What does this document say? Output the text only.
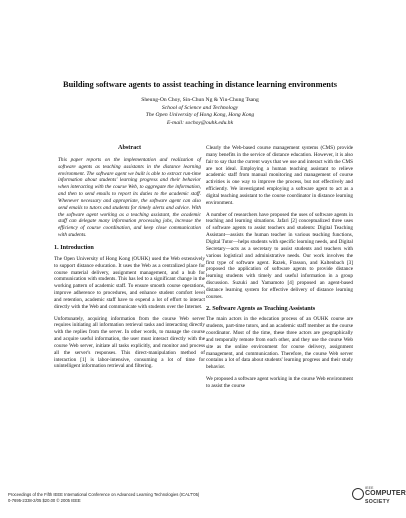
Building software agents to assist teaching in distance learning environments
Sheung-On Choy, Sin-Chun Ng & Yiu-Chung Tsang
School of Science and Technology
The Open University of Hong Kong, Hong Kong
E-mail: sochoy@ouhk.edu.hk
Abstract
This paper reports on the implementation and realization of software agents as teaching assistants in the distance learning environment. The software agent we built is able to extract run-time information about students' learning progress and their behavior when interacting with the course Web, to aggregate the information, and then to send emails to report its duties to the academic staff. Whenever necessary and appropriate, the software agent can also send emails to tutors and students for timely alerts and advice. With the software agent working as a teaching assistant, the academic staff can delegate many information processing jobs, increase the efficiency of course coordination, and keep close communication with students.
1. Introduction

The Open University of Hong Kong (OUHK) used the Web extensively to support distance education. It uses the Web as a centralized place for course material delivery, assignment management, and a hub for communication with students. This has led to a significant change in the working pattern of academic staff. To ensure smooth course operations, improve adherence to procedures, and enhance student comfort level and retention, academic staff have to expend a lot of effort to interact directly with the Web and communicate with students over the Internet.

Unfortunately, acquiring information from the course Web server requires initiating all information retrieval tasks and interacting directly with the replies from the server. In other words, to manage the course and acquire useful information, the user must interact directly with the course Web server, initiate all tasks explicitly, and monitor and process all the server's responses. This direct-manipulation method of interaction [1] is labor-intensive, consuming a lot of time for unintelligent information retrieval and filtering.

Clearly the Web-based course management systems (CMS) provide many benefits in the service of distance education. However, it is also fair to say that the current ways that we use and interact with the CMS are not ideal. Employing a human teaching assistant to relieve academic staff from manual monitoring and management of course activities is one way to improve the process, but not effectively and efficiently. We investigated employing a software agent to act as a digital teaching assistant to the course coordinator in distance learning environment.

A number of researchers have proposed the uses of software agents in teaching and learning situations. Jafari [2] conceptualized three uses of software agents to assist teachers and students: Digital Teaching Assistant—assists the human teacher in various teaching functions, Digital Tutor—helps students with specific learning needs, and Digital Secretary—acts as a secretary to assist students and teachers with various logistical and administrative needs. Our work involves the first type of software agent. Razek, Frasson, and Kaltenbach [3] proposed the application of software agents to provide distance learning students with timely and useful information in a group discussion. Suzuki and Yamamoto [4] proposed an agent-based distance learning system for effective delivery of distance learning courses.

2. Software Agents as Teaching Assistants

The main actors in the education process of an OUHK course are students, part-time tutors, and an academic staff member as the course coordinator. Most of the time, these three actors are geographically and temporally remote from each other, and they use the course Web site as the online environment for course delivery, assignment management, and communication. Therefore, the course Web server contains a lot of data about students' learning progress and their study behavior.

We proposed a software agent working in the course Web environment to assist the course

Proceedings of the Fifth IEEE International Conference on Advanced Learning Technologies (ICALT'05)
0-7695-2338-2/05 $20.00 © 2005 IEEE
IEEE
COMPUTER
SOCIETY
